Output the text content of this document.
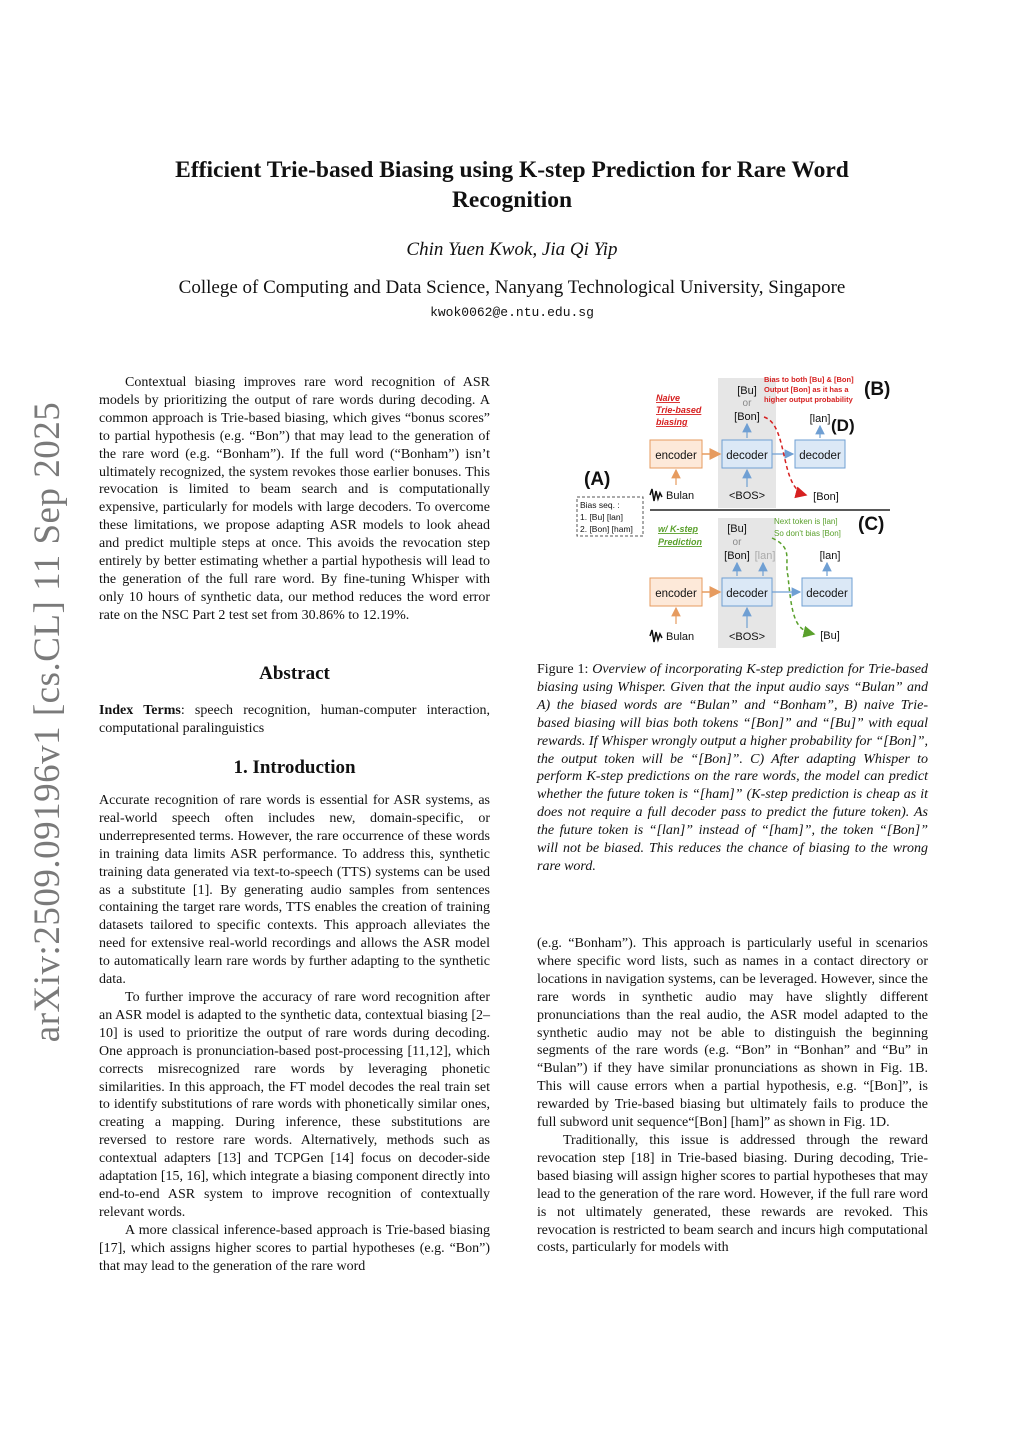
arXiv:2509.09196v1 [cs.CL] 11 Sep 2025
Efficient Trie-based Biasing using K-step Prediction for Rare Word Recognition
Chin Yuen Kwok, Jia Qi Yip
College of Computing and Data Science, Nanyang Technological University, Singapore
kwok0062@e.ntu.edu.sg

Contextual biasing improves rare word recognition of ASR models by prioritizing the output of rare words during decoding. A common approach is Trie-based biasing, which gives “bonus scores” to partial hypothesis (e.g. “Bon”) that may lead to the generation of the rare word (e.g. “Bonham”). If the full word (“Bonham”) isn’t ultimately recognized, the system revokes those earlier bonuses. This revocation is limited to beam search and is computationally expensive, particularly for models with large decoders. To overcome these limitations, we propose adapting ASR models to look ahead and predict multiple steps at once. This avoids the revocation step entirely by better estimating whether a partial hypothesis will lead to the generation of the full rare word. By fine-tuning Whisper with only 10 hours of synthetic data, our method reduces the word error rate on the NSC Part 2 test set from 30.86% to 12.19%.

Abstract

Index Terms: speech recognition, human-computer interaction, computational paralinguistics

1. Introduction

Accurate recognition of rare words is essential for ASR systems, as real-world speech often includes new, domain-specific, or underrepresented terms. However, the rare occurrence of these words in training data limits ASR performance. To address this, synthetic training data generated via text-to-speech (TTS) systems can be used as a substitute [1]. By generating audio samples from sentences containing the target rare words, TTS enables the creation of training datasets tailored to specific contexts. This approach alleviates the need for extensive real-world recordings and allows the ASR model to automatically learn rare words by further adapting to the synthetic data.

To further improve the accuracy of rare word recognition after an ASR model is adapted to the synthetic data, contextual biasing [2–10] is used to prioritize the output of rare words during decoding. One approach is pronunciation-based post-processing [11,12], which corrects misrecognized rare words by leveraging phonetic similarities. In this approach, the FT model decodes the real train set to identify substitutions of rare words with phonetically similar ones, creating a mapping. During inference, these substitutions are reversed to restore rare words. Alternatively, methods such as contextual adapters [13] and TCPGen [14] focus on decoder-side adaptation [15, 16], which integrate a biasing component directly into end-to-end ASR system to improve recognition of contextually relevant words.

A more classical inference-based approach is Trie-based biasing [17], which assigns higher scores to partial hypotheses (e.g. “Bon”) that may lead to the generation of the rare word

(A)
(B)
(C)
(D)
Bias seq. :
1. [Bu] [lan]
2. [Bon] [ham]
Naive
Trie-based
biasing
w/ K-step
Prediction
Bias to both [Bu] & [Bon]
Output [Bon] as it has a
higher output probability
Next token is [lan]
So don't bias [Bon]
encoder	decoder	decoder
Bulan	<BOS>
[Bu]
or
[Bon]	[lan]
[Bon]
encoder	decoder	decoder
Bulan	<BOS>
[Bu]
or
[Bon] [lan]	[lan]
[Bu]
Figure 1: Overview of incorporating K-step prediction for Trie-based biasing using Whisper. Given that the input audio says “Bulan” and A) the biased words are “Bulan” and “Bonham”, B) naive Trie-based biasing will bias both tokens “[Bon]” and “[Bu]” with equal rewards. If Whisper wrongly output a higher probability for “[Bon]”, the output token will be “[Bon]”. C) After adapting Whisper to perform K-step predictions on the rare words, the model can predict whether the future token is “[ham]” (K-step prediction is cheap as it does not require a full decoder pass to predict the future token). As the future token is “[lan]” instead of “[ham]”, the token “[Bon]” will not be biased. This reduces the chance of biasing to the wrong rare word.

(e.g. “Bonham”). This approach is particularly useful in scenarios where specific word lists, such as names in a contact directory or locations in navigation systems, can be leveraged. However, since the rare words in synthetic audio may have slightly different pronunciations than the real audio, the ASR model adapted to the synthetic audio may not be able to distinguish the beginning segments of the rare words (e.g. “Bon” in “Bonhan” and “Bu” in “Bulan”) if they have similar pronunciations as shown in Fig. 1B. This will cause errors when a partial hypothesis, e.g. “[Bon]”, is rewarded by Trie-based biasing but ultimately fails to produce the full subword unit sequence“[Bon] [ham]” as shown in Fig. 1D.

Traditionally, this issue is addressed through the reward revocation step [18] in Trie-based biasing. During decoding, Trie-based biasing will assign higher scores to partial hypotheses that may lead to the generation of the rare word. However, if the full rare word is not ultimately generated, these rewards are revoked. This revocation is restricted to beam search and incurs high computational costs, particularly for models with
